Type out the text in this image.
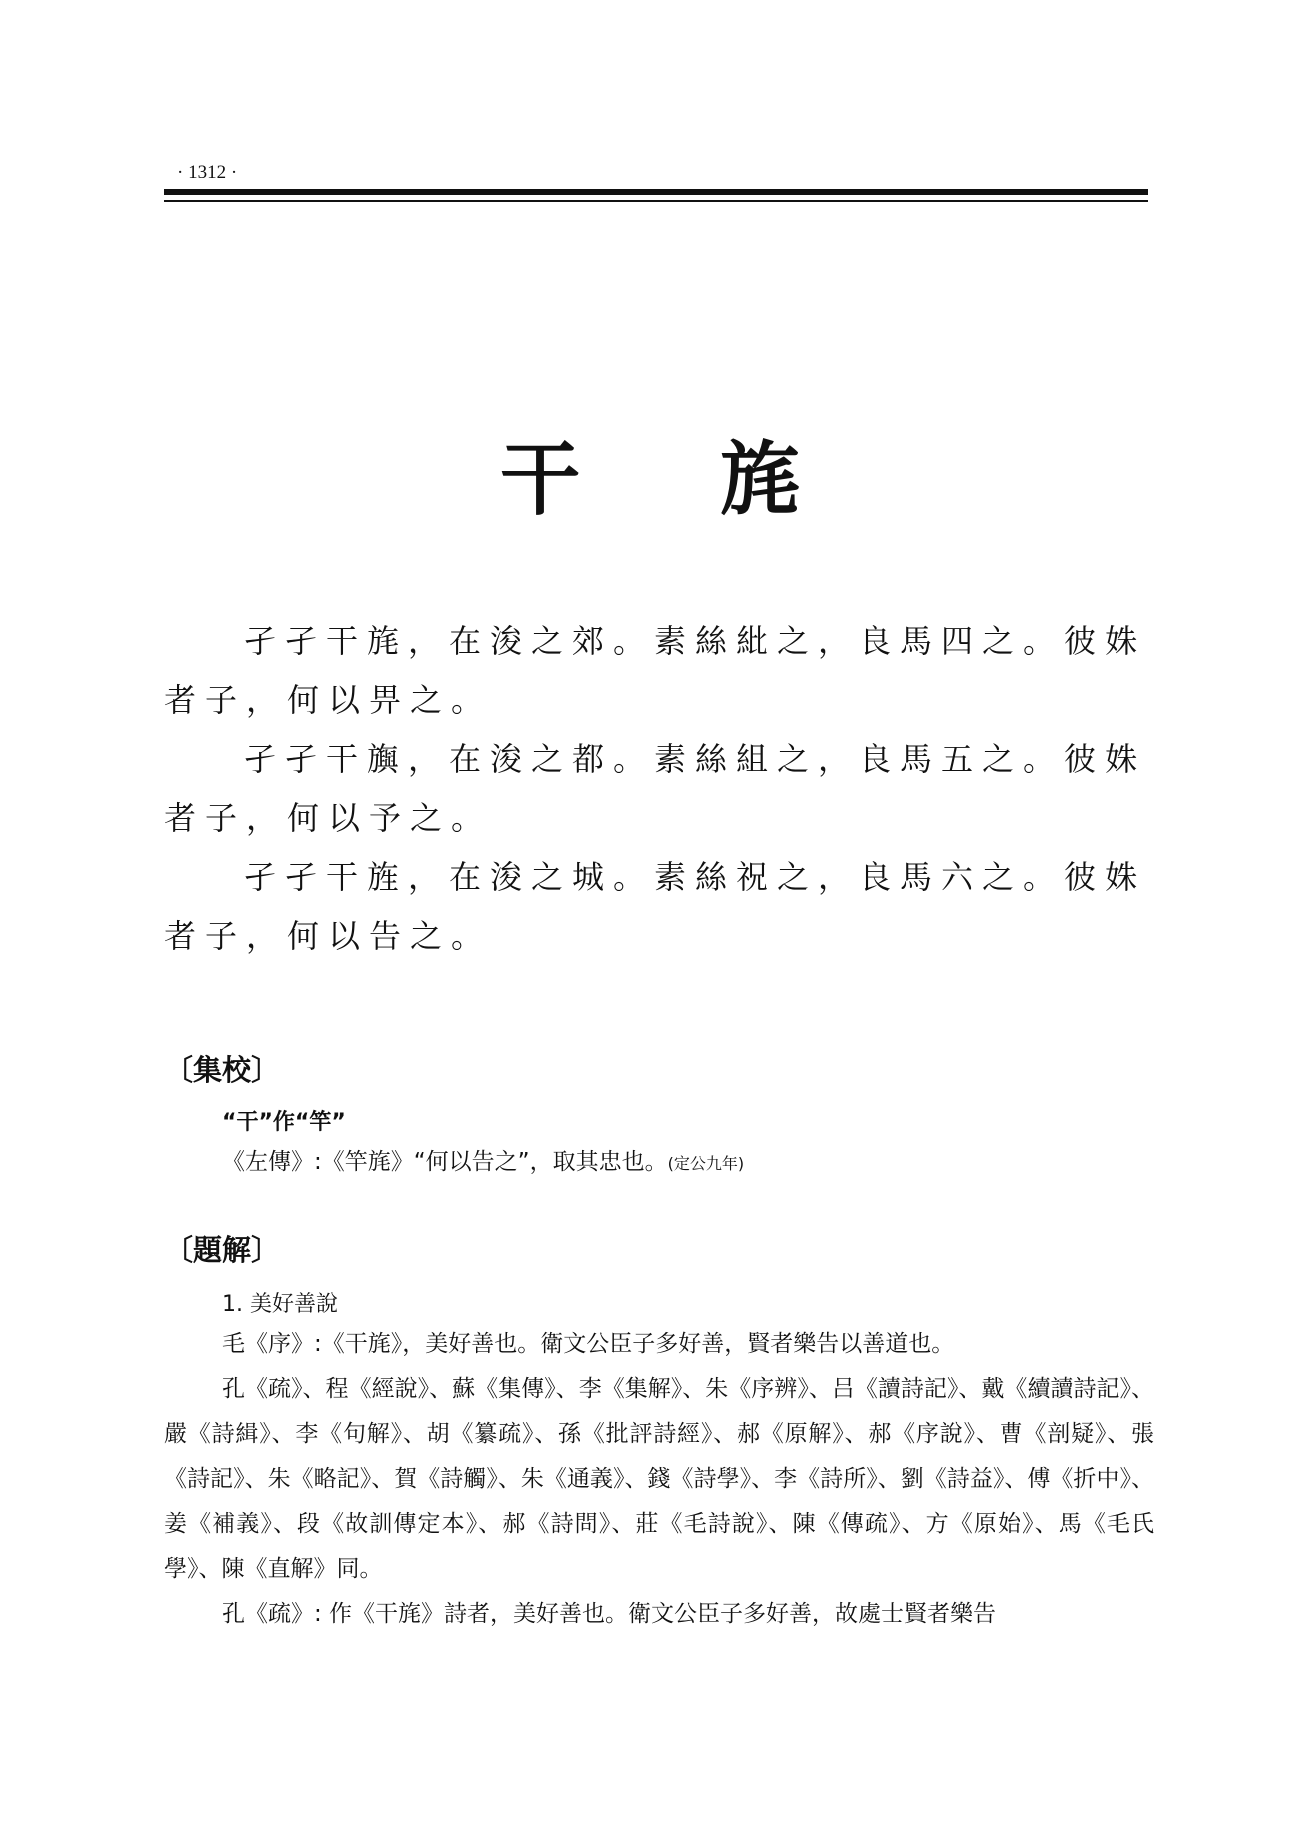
· 1312 ·
干 旄

孑孑干旄，在浚之郊。素絲紕之，良馬四之。彼姝者子，何以畀之。

孑孑干旟，在浚之都。素絲組之，良馬五之。彼姝者子，何以予之。

孑孑干旌，在浚之城。素絲祝之，良馬六之。彼姝者子，何以告之。

〔集校〕

“干”作“竿”

《左傳》:《竿旄》“何以告之”，取其忠也。(定公九年)

〔題解〕

1. 美好善說

毛《序》:《干旄》，美好善也。衛文公臣子多好善，賢者樂告以善道也。

孔《疏》、程《經說》、蘇《集傳》、李《集解》、朱《序辨》、吕《讀詩記》、戴《續讀詩記》、嚴《詩緝》、李《句解》、胡《纂疏》、孫《批評詩經》、郝《原解》、郝《序說》、曹《剖疑》、張《詩記》、朱《略記》、賀《詩觸》、朱《通義》、錢《詩學》、李《詩所》、劉《詩益》、傅《折中》、姜《補義》、段《故訓傳定本》、郝《詩問》、莊《毛詩說》、陳《傳疏》、方《原始》、馬《毛氏學》、陳《直解》同。

孔《疏》: 作《干旄》詩者，美好善也。衛文公臣子多好善，故處士賢者樂告
